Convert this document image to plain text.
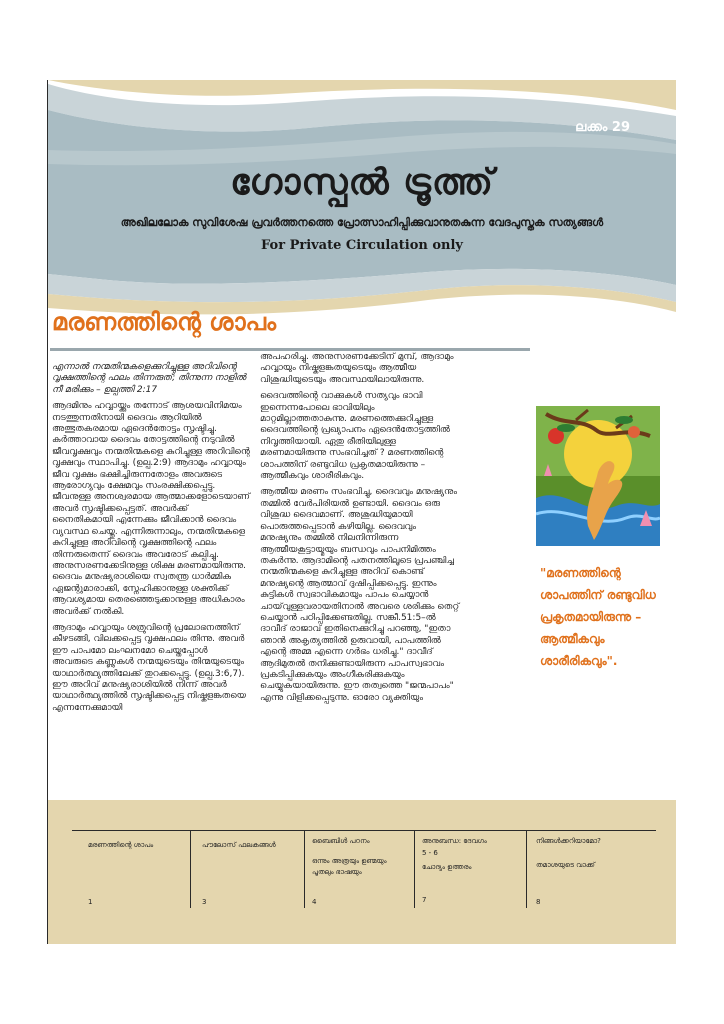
ലക്കം 29
ഗോസ്പൽ ട്രൂത്ത്
അഖിലലോക സുവിശേഷ പ്രവർത്തനത്തെ പ്രോത്സാഹിപ്പിക്കുവാനുതകുന്ന വേദപുസ്തക സത്യങ്ങൾ
For Private Circulation only
മരണത്തിന്റെ ശാപം

എന്നാൽ നന്മതിന്മകളെക്കുറിച്ചുള്ള അറിവിന്റെ വൃക്ഷത്തിന്റെ ഫലം തിന്നരുത്; തിന്നുന്ന നാളിൽ നീ മരിക്കും – ഉല്പത്തി 2:17

ആദമിനും ഹവ്വായ്ക്കും തന്നോട് ആശയവിനിമയം നടത്തുന്നതിനായി ദൈവം ആറിയിൽ അത്ഭുതകരമായ ഏദെൻതോട്ടം സൃഷ്ടിച്ചു. കർത്താവായ ദൈവം തോട്ടത്തിന്റെ നടുവിൽ ജീവവൃക്ഷവും നന്മതിന്മകളെ കുറിച്ചുള്ള അറിവിന്റെ വൃക്ഷവും സ്ഥാപിച്ചു. (ഉല്പ.2:9) ആദാമും ഹവ്വായും ജീവ വൃക്ഷം ഭക്ഷിച്ചിരുന്നതോളം അവരുടെ ആരോഗ്യവും ക്ഷേമവും സംരക്ഷിക്കപ്പെട്ടു. ജീവനുള്ള അനശ്വരമായ ആത്മാക്കളോടെയാണ് അവർ സൃഷ്ടിക്കപ്പെട്ടത്. അവർക്ക് നൈതികമായി എന്നേക്കും ജീവിക്കാൻ ദൈവം വ്യവസ്ഥ ചെയ്തു. എന്നിരുന്നാലും, നന്മതിന്മകളെ കുറിച്ചുള്ള അറിവിന്റെ വൃക്ഷത്തിന്റെ ഫലം തിന്നരുതെന്ന് ദൈവം അവരോട് കല്പിച്ചു. അനുസരണക്കേടിനുള്ള ശിക്ഷ മരണമായിരുന്നു. ദൈവം മനുഷ്യരാശിയെ സ്വതന്ത്ര ധാർമ്മിക ഏജന്റുമാരാക്കി, സ്നേഹിക്കാനുള്ള ശക്തിക്ക് ആവശ്യമായ തെരഞ്ഞെടുക്കാനുള്ള അധികാരം അവർക്ക് നൽകി.

ആദാമും ഹവ്വായും ശത്രുവിന്റെ പ്രലോഭനത്തിന് കീഴടങ്ങി, വിലക്കപ്പെട്ട വൃക്ഷഫലം തിന്നു. അവർ ഈ പാപമോ ലംഘനമോ ചെയ്തപ്പോൾ അവരുടെ കണ്ണുകൾ നന്മയുടെയും തിന്മയുടെയും യാഥാർത്ഥ്യത്തിലേക്ക് തുറക്കപ്പെട്ടു. (ഉല്പ.3:6,7). ഈ അറിവ് മനുഷ്യരാശിയിൽ നിന്ന് അവർ യാഥാർത്ഥ്യത്തിൽ സൃഷ്ടിക്കപ്പെട്ട നിഷ്കളങ്കതയെ എന്നന്നേക്കുമായി

അപഹരിച്ചു. അനുസരണക്കേടിന് മുമ്പ്, ആദാമും ഹവ്വായും നിഷ്കളങ്കതയുടെയും ആത്മീയ വിശുദ്ധിയുടെയും അവസ്ഥയിലായിരുന്നു.

ദൈവത്തിന്റെ വാക്കുകൾ സത്യവും ഭാവി ഇന്നെന്നപോലെ ഭാവിയിലും മാറ്റമില്ലാത്തതാകുന്നു. മരണത്തെക്കുറിച്ചുള്ള ദൈവത്തിന്റെ പ്രഖ്യാപനം ഏദെൻതോട്ടത്തിൽ നിവൃത്തിയായി. ഏതു രീതിയിലുള്ള മരണമായിരുന്നു സംഭവിച്ചത് ? മരണത്തിന്റെ ശാപത്തിന് രണ്ടുവിധ പ്രകൃതമായിരുന്നു – ആത്മീകവും ശാരീരികവും.

ആത്മീയ മരണം സംഭവിച്ചു, ദൈവവും മനുഷ്യനും തമ്മിൽ വേർപിരിയൽ ഉണ്ടായി. ദൈവം ഒരു വിശുദ്ധ ദൈവമാണ്. അശുദ്ധിയുമായി പൊരുത്തപ്പെടാൻ കഴിയില്ല. ദൈവവും മനുഷ്യനും തമ്മിൽ നിലനിന്നിരുന്ന ആത്മീയകൂട്ടായ്മയും ബന്ധവും പാപനിമിത്തം തകർന്നു. ആദാമിന്റെ പതനത്തിലൂടെ പ്രപഞ്ചിച്ച നന്മതിന്മകളെ കുറിച്ചുള്ള അറിവ് കൊണ്ട് മനുഷ്യന്റെ ആത്മാവ് ദുഷിപ്പിക്കപ്പെട്ടു. ഇന്നും കുട്ടികൾ സ്വഭാവികമായും പാപം ചെയ്യാൻ ചായ്‌വുള്ളവരായതിനാൽ അവരെ ശരിക്കും തെറ്റ് ചെയ്യാൻ പഠിപ്പിക്കേണ്ടതില്ല. സങ്കീ.51:5–ൽ ദാവീദ് രാജാവ് ഇതിനെക്കുറിച്ചു പറഞ്ഞു, "ഇതാ ഞാൻ അകൃത്യത്തിൽ ഉരുവായി, പാപത്തിൽ എന്റെ അമ്മ എന്നെ ഗർഭം ധരിച്ചു." ദാവീദ് ആദിമുതൽ തനിക്കുണ്ടായിരുന്ന പാപസ്വഭാവം പ്രകടിപ്പിക്കുകയും അംഗീകരിക്കുകയും ചെയ്യുകയായിരുന്നു. ഈ തത്വത്തെ "ജന്മപാപം" എന്നു വിളിക്കപ്പെടുന്നു. ഓരോ വ്യക്തിയും

"മരണത്തിന്റെ ശാപത്തിന് രണ്ടുവിധ പ്രകൃതമായിരുന്നു – ആത്മീകവും ശാരീരികവും".
മരണത്തിന്റെ ശാപം
1
പൗലോസ് ഫലകങ്ങൾ
3
ബൈബിൾ പഠനം
ഒന്നും അത്രയും ഉണ്മയും പൂതലും ഭാഷയും
4
അനുബന്ധ: ദേവഗം
5 - 6
ചോദ്യം ഉത്തരം
7
നിങ്ങൾക്കറിയാമോ?
തമാശയുടെ വാക്ക്
8
